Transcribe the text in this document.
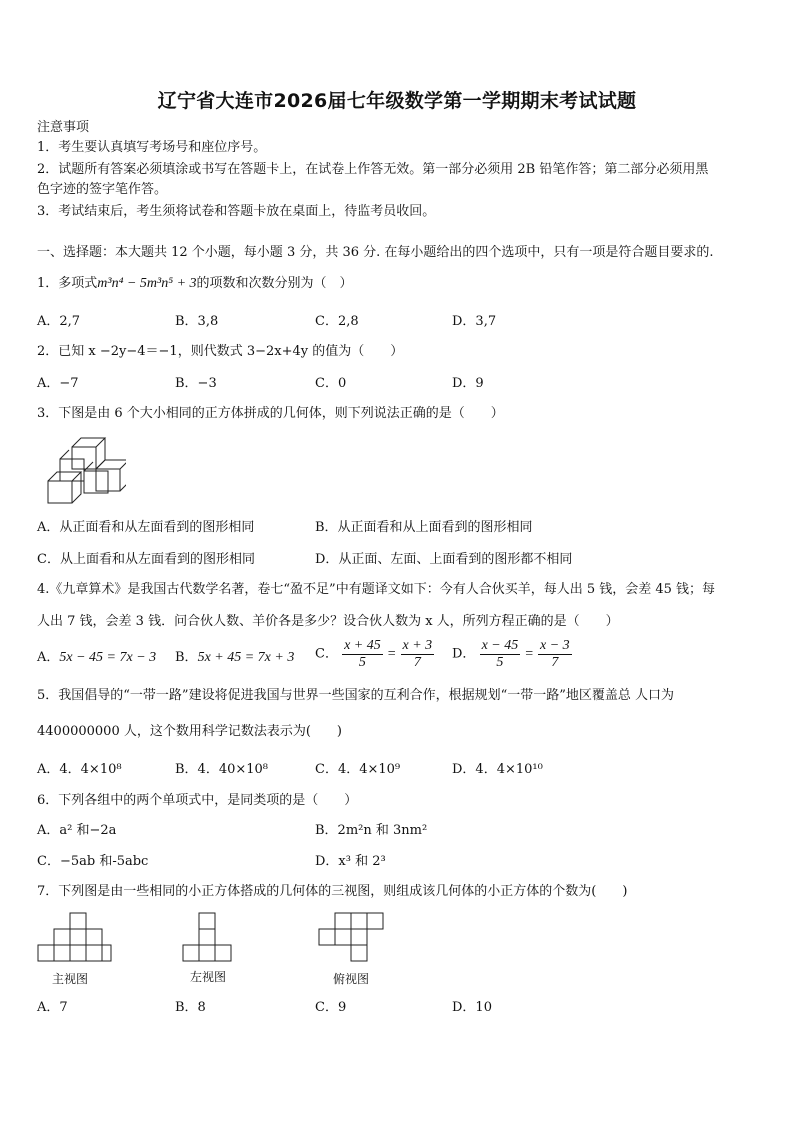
辽宁省大连市2026届七年级数学第一学期期末考试试题
注意事项
1．考生要认真填写考场号和座位序号。
2．试题所有答案必须填涂或书写在答题卡上，在试卷上作答无效。第一部分必须用 2B 铅笔作答；第二部分必须用黑
色字迹的签字笔作答。
3．考试结束后，考生须将试卷和答题卡放在桌面上，待监考员收回。
一、选择题：本大题共 12 个小题，每小题 3 分，共 36 分. 在每小题给出的四个选项中，只有一项是符合题目要求的.
1．多项式m³n⁴ − 5m³n⁵ + 3的项数和次数分别为（　）
A．2,7	B．3,8	C．2,8	D．3,7
2．已知 x −2y−4＝−1，则代数式 3−2x+4y 的值为（　　）
A．−7	B．−3	C．0	D．9
3．下图是由 6 个大小相同的正方体拼成的几何体，则下列说法正确的是（　　）
A．从正面看和从左面看到的图形相同	B．从正面看和从上面看到的图形相同
C．从上面看和从左面看到的图形相同	D．从正面、左面、上面看到的图形都不相同
4.《九章算术》是我国古代数学名著，卷七“盈不足”中有题译文如下：今有人合伙买羊，每人出 5 钱，会差 45 钱；每
人出 7 钱，会差 3 钱．问合伙人数、羊价各是多少？设合伙人数为 x 人，所列方程正确的是（　　）
A．5x − 45 = 7x − 3 B．5x + 45 = 7x + 3 C． $\frac{x + 45}{5} = \frac{x + 3}{7}$ D． $\frac{x - 45}{5} = \frac{x - 3}{7}$
5．我国倡导的“一带一路”建设将促进我国与世界一些国家的互利合作，根据规划“一带一路”地区覆盖总 人口为
4400000000 人，这个数用科学记数法表示为(　　)
A．4．4×10⁸	B．4．40×10⁸	C．4．4×10⁹	D．4．4×10¹⁰
6．下列各组中的两个单项式中，是同类项的是（　　）
A．a² 和−2a	B．2m²n 和 3nm²
C．−5ab 和-5abc	D．x³ 和 2³
7．下列图是由一些相同的小正方体搭成的几何体的三视图，则组成该几何体的小正方体的个数为(　　)
主视图	左视图	俯视图
A．7	B．8	C．9	D．10
